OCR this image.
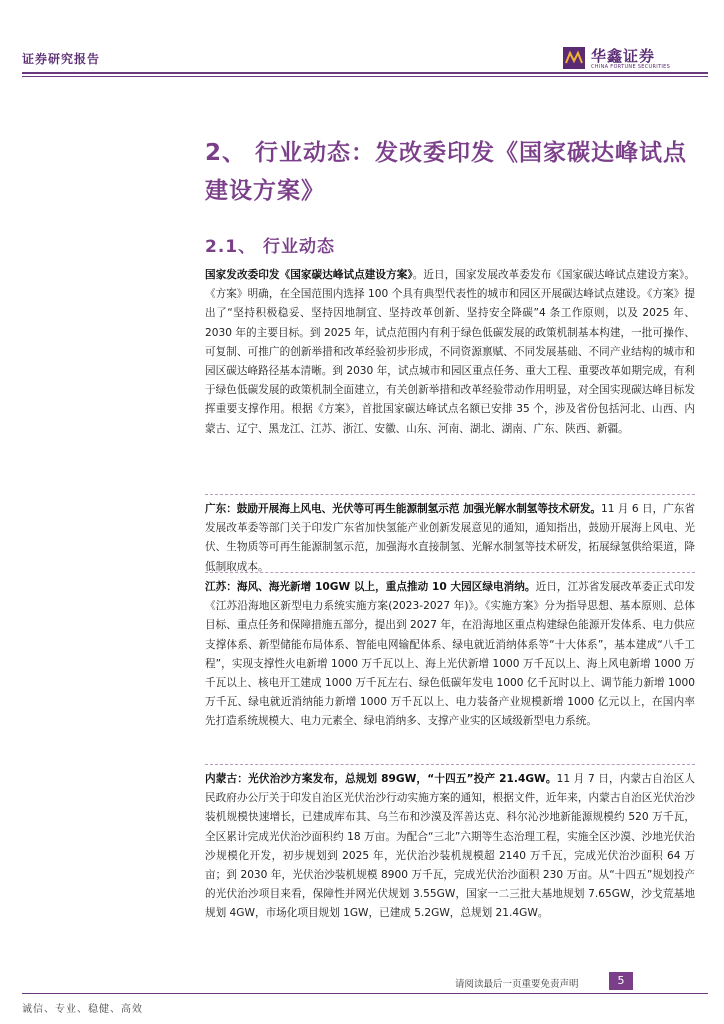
证券研究报告	华鑫证券
CHINA FORTUNE SECURITIES
2、 行业动态：发改委印发《国家碳达峰试点建设方案》
2.1、 行业动态
国家发改委印发《国家碳达峰试点建设方案》。近日，国家发展改革委发布《国家碳达峰试点建设方案》。《方案》明确，在全国范围内选择 100 个具有典型代表性的城市和园区开展碳达峰试点建设。《方案》提出了“坚持积极稳妥、坚持因地制宜、坚持改革创新、坚持安全降碳”4 条工作原则，以及 2025 年、2030 年的主要目标。到 2025 年，试点范围内有利于绿色低碳发展的政策机制基本构建，一批可操作、可复制、可推广的创新举措和改革经验初步形成，不同资源禀赋、不同发展基础、不同产业结构的城市和园区碳达峰路径基本清晰。到 2030 年，试点城市和园区重点任务、重大工程、重要改革如期完成，有利于绿色低碳发展的政策机制全面建立，有关创新举措和改革经验带动作用明显，对全国实现碳达峰目标发挥重要支撑作用。根据《方案》，首批国家碳达峰试点名额已安排 35 个，涉及省份包括河北、山西、内蒙古、辽宁、黑龙江、江苏、浙江、安徽、山东、河南、湖北、湖南、广东、陕西、新疆。
广东：鼓励开展海上风电、光伏等可再生能源制氢示范 加强光解水制氢等技术研发。11 月 6 日，广东省发展改革委等部门关于印发广东省加快氢能产业创新发展意见的通知，通知指出，鼓励开展海上风电、光伏、生物质等可再生能源制氢示范，加强海水直接制氢、光解水制氢等技术研发，拓展绿氢供给渠道，降低制取成本。
江苏：海风、海光新增 10GW 以上，重点推动 10 大园区绿电消纳。近日，江苏省发展改革委正式印发《江苏沿海地区新型电力系统实施方案(2023-2027 年)》。《实施方案》分为指导思想、基本原则、总体目标、重点任务和保障措施五部分，提出到 2027 年，在沿海地区重点构建绿色能源开发体系、电力供应支撑体系、新型储能布局体系、智能电网输配体系、绿电就近消纳体系等“十大体系”，基本建成“八千工程”，实现支撑性火电新增 1000 万千瓦以上、海上光伏新增 1000 万千瓦以上、海上风电新增 1000 万千瓦以上、核电开工建成 1000 万千瓦左右、绿色低碳年发电 1000 亿千瓦时以上、调节能力新增 1000 万千瓦、绿电就近消纳能力新增 1000 万千瓦以上、电力装备产业规模新增 1000 亿元以上，在国内率先打造系统规模大、电力元素全、绿电消纳多、支撑产业实的区域级新型电力系统。
内蒙古：光伏治沙方案发布，总规划 89GW，“十四五”投产 21.4GW。11 月 7 日，内蒙古自治区人民政府办公厅关于印发自治区光伏治沙行动实施方案的通知，根据文件，近年来，内蒙古自治区光伏治沙装机规模快速增长，已建成库布其、乌兰布和沙漠及浑善达克、科尔沁沙地新能源规模约 520 万千瓦，全区累计完成光伏治沙面积约 18 万亩。为配合“三北”六期等生态治理工程，实施全区沙漠、沙地光伏治沙规模化开发，初步规划到 2025 年，光伏治沙装机规模超 2140 万千瓦，完成光伏治沙面积 64 万亩；到 2030 年，光伏治沙装机规模 8900 万千瓦，完成光伏治沙面积 230 万亩。从“十四五”规划投产的光伏治沙项目来看，保障性并网光伏规划 3.55GW，国家一二三批大基地规划 7.65GW，沙戈荒基地规划 4GW，市场化项目规划 1GW，已建成 5.2GW，总规划 21.4GW。
请阅读最后一页重要免责声明	5
诚信、专业、稳健、高效
